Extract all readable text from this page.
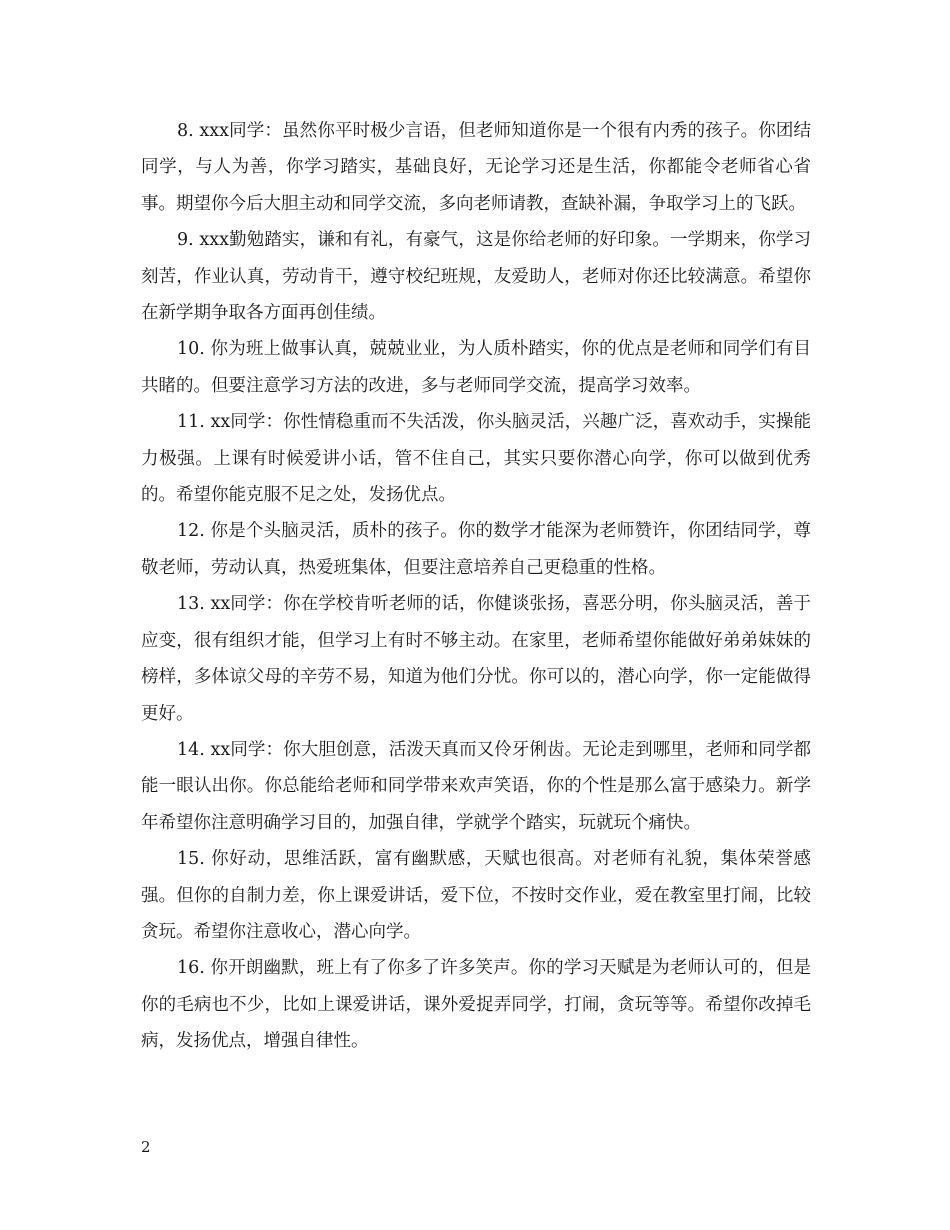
8. xxx同学：虽然你平时极少言语，但老师知道你是一个很有内秀的孩子。你团结同学，与人为善，你学习踏实，基础良好，无论学习还是生活，你都能令老师省心省事。期望你今后大胆主动和同学交流，多向老师请教，查缺补漏，争取学习上的飞跃。

9. xxx勤勉踏实，谦和有礼，有豪气，这是你给老师的好印象。一学期来，你学习刻苦，作业认真，劳动肯干，遵守校纪班规，友爱助人，老师对你还比较满意。希望你在新学期争取各方面再创佳绩。

10. 你为班上做事认真，兢兢业业，为人质朴踏实，你的优点是老师和同学们有目共睹的。但要注意学习方法的改进，多与老师同学交流，提高学习效率。

11. xx同学：你性情稳重而不失活泼，你头脑灵活，兴趣广泛，喜欢动手，实操能力极强。上课有时候爱讲小话，管不住自己，其实只要你潜心向学，你可以做到优秀的。希望你能克服不足之处，发扬优点。

12. 你是个头脑灵活，质朴的孩子。你的数学才能深为老师赞许，你团结同学，尊敬老师，劳动认真，热爱班集体，但要注意培养自己更稳重的性格。

13. xx同学：你在学校肯听老师的话，你健谈张扬，喜恶分明，你头脑灵活，善于应变，很有组织才能，但学习上有时不够主动。在家里，老师希望你能做好弟弟妹妹的榜样，多体谅父母的辛劳不易，知道为他们分忧。你可以的，潜心向学，你一定能做得更好。

14. xx同学：你大胆创意，活泼天真而又伶牙俐齿。无论走到哪里，老师和同学都能一眼认出你。你总能给老师和同学带来欢声笑语，你的个性是那么富于感染力。新学年希望你注意明确学习目的，加强自律，学就学个踏实，玩就玩个痛快。

15. 你好动，思维活跃，富有幽默感，天赋也很高。对老师有礼貌，集体荣誉感强。但你的自制力差，你上课爱讲话，爱下位，不按时交作业，爱在教室里打闹，比较贪玩。希望你注意收心，潜心向学。

16. 你开朗幽默，班上有了你多了许多笑声。你的学习天赋是为老师认可的，但是你的毛病也不少，比如上课爱讲话，课外爱捉弄同学，打闹，贪玩等等。希望你改掉毛病，发扬优点，增强自律性。

2
